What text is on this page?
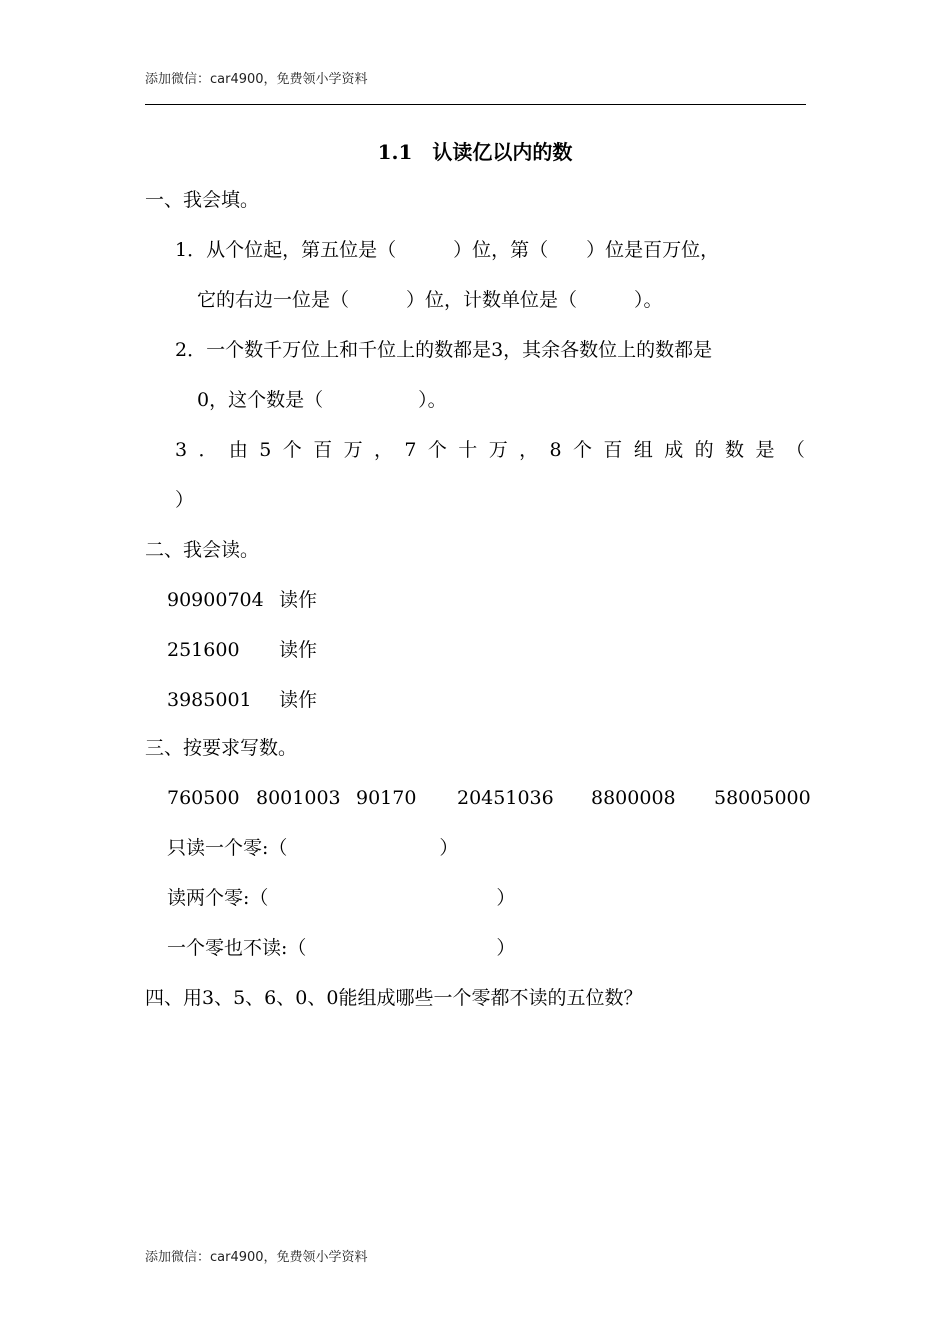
添加微信：car4900，免费领小学资料
1.1　认读亿以内的数
一、我会填。
1．从个位起，第五位是（　　　）位，第（　　）位是百万位，
它的右边一位是（　　　）位，计数单位是（　　　）。
2．一个数千万位上和千位上的数都是3，其余各数位上的数都是
0，这个数是（　　　　　）。
3 ． 由 5 个 百 万 ， 7 个 十 万 ， 8 个 百 组 成 的 数 是 （
）
二、我会读。
90900704 读作
251600 读作
3985001 读作
三、按要求写数。
760500 8001003 90170 20451036 8800008 58005000
只读一个零:（　　　　　　　　）
读两个零:（　　　　　　　　　　　　）
一个零也不读:（　　　　　　　　　　）
四、用3、5、6、0、0能组成哪些一个零都不读的五位数？
添加微信：car4900，免费领小学资料
